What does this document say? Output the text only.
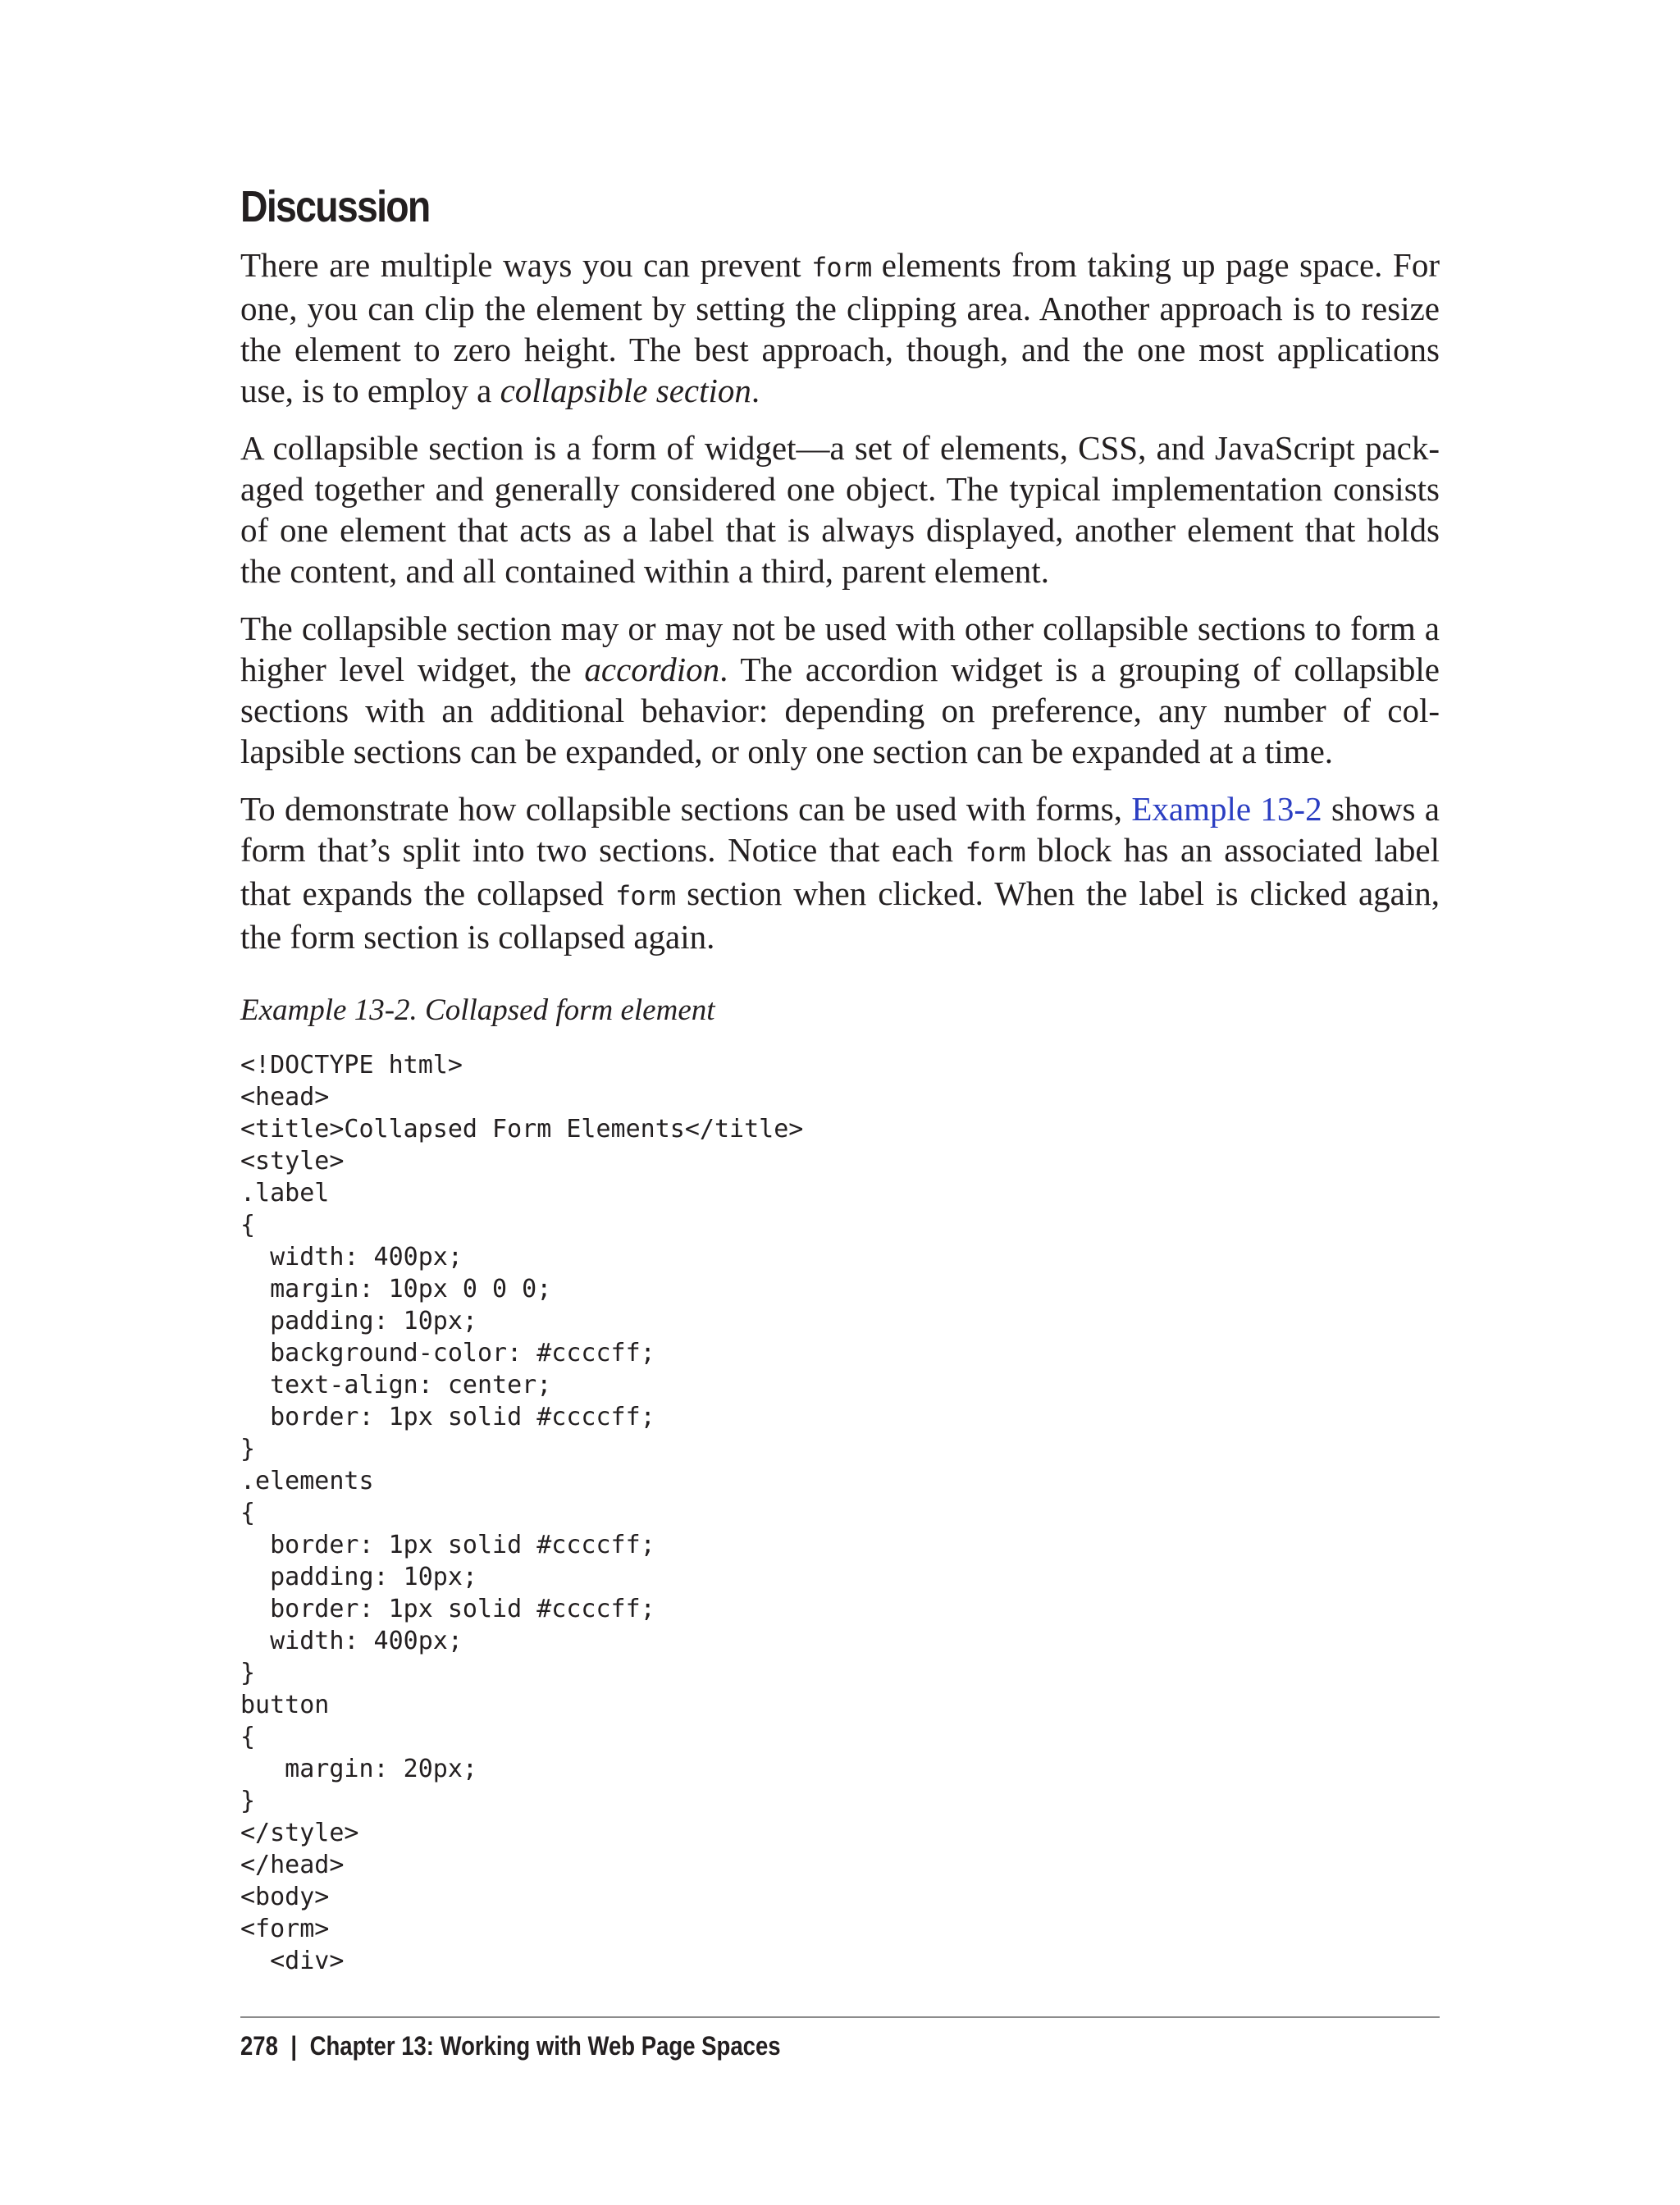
Discussion

There are multiple ways you can prevent form elements from taking up page space. For one, you can clip the element by setting the clipping area. Another approach is to resize the element to zero height. The best approach, though, and the one most applications use, is to employ a collapsible section.

A collapsible section is a form of widget—a set of elements, CSS, and JavaScript packaged together and generally considered one object. The typical implementation consists of one element that acts as a label that is always displayed, another element that holds the content, and all contained within a third, parent element.

The collapsible section may or may not be used with other collapsible sections to form a higher level widget, the accordion. The accordion widget is a grouping of collapsible sections with an additional behavior: depending on preference, any number of collapsible sections can be expanded, or only one section can be expanded at a time.

To demonstrate how collapsible sections can be used with forms, Example 13-2 shows a form that’s split into two sections. Notice that each form block has an associated label that expands the collapsed form section when clicked. When the label is clicked again, the form section is collapsed again.

Example 13-2. Collapsed form element
<!DOCTYPE html>
<head>
<title>Collapsed Form Elements</title>
<style>
.label
{
width: 400px;
margin: 10px 0 0 0;
padding: 10px;
background-color: #ccccff;
text-align: center;
border: 1px solid #ccccff;
}
.elements
{
border: 1px solid #ccccff;
padding: 10px;
border: 1px solid #ccccff;
width: 400px;
}
button
{
margin: 20px;
}
</style>
</head>
<body>
<form>
<div>
278 | Chapter 13: Working with Web Page Spaces
